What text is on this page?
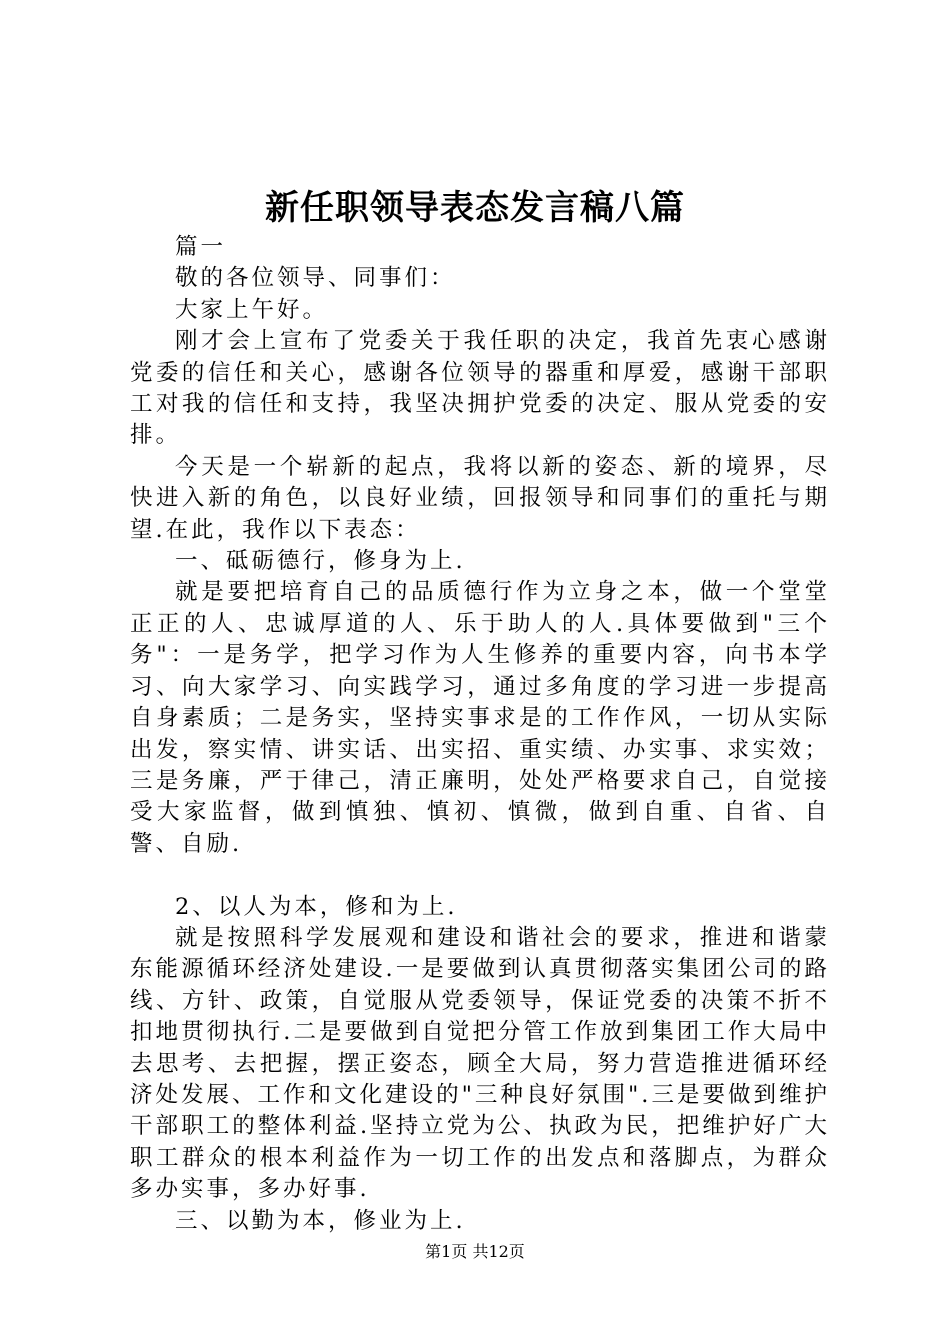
新任职领导表态发言稿八篇

篇一

敬的各位领导、同事们：

大家上午好。

刚才会上宣布了党委关于我任职的决定，我首先衷心感谢党委的信任和关心，感谢各位领导的器重和厚爱，感谢干部职工对我的信任和支持，我坚决拥护党委的决定、服从党委的安排。

今天是一个崭新的起点，我将以新的姿态、新的境界，尽快进入新的角色，以良好业绩，回报领导和同事们的重托与期望.在此，我作以下表态：

一、砥砺德行，修身为上.

就是要把培育自己的品质德行作为立身之本，做一个堂堂正正的人、忠诚厚道的人、乐于助人的人.具体要做到"三个务"：一是务学，把学习作为人生修养的重要内容，向书本学习、向大家学习、向实践学习，通过多角度的学习进一步提高自身素质；二是务实，坚持实事求是的工作作风，一切从实际出发，察实情、讲实话、出实招、重实绩、办实事、求实效；三是务廉，严于律己，清正廉明，处处严格要求自己，自觉接受大家监督，做到慎独、慎初、慎微，做到自重、自省、自警、自励.

2、以人为本，修和为上.

就是按照科学发展观和建设和谐社会的要求，推进和谐蒙东能源循环经济处建设.一是要做到认真贯彻落实集团公司的路线、方针、政策，自觉服从党委领导，保证党委的决策不折不扣地贯彻执行.二是要做到自觉把分管工作放到集团工作大局中去思考、去把握，摆正姿态，顾全大局，努力营造推进循环经济处发展、工作和文化建设的"三种良好氛围".三是要做到维护干部职工的整体利益.坚持立党为公、执政为民，把维护好广大职工群众的根本利益作为一切工作的出发点和落脚点，为群众多办实事，多办好事.

三、以勤为本，修业为上.

第1页 共12页
